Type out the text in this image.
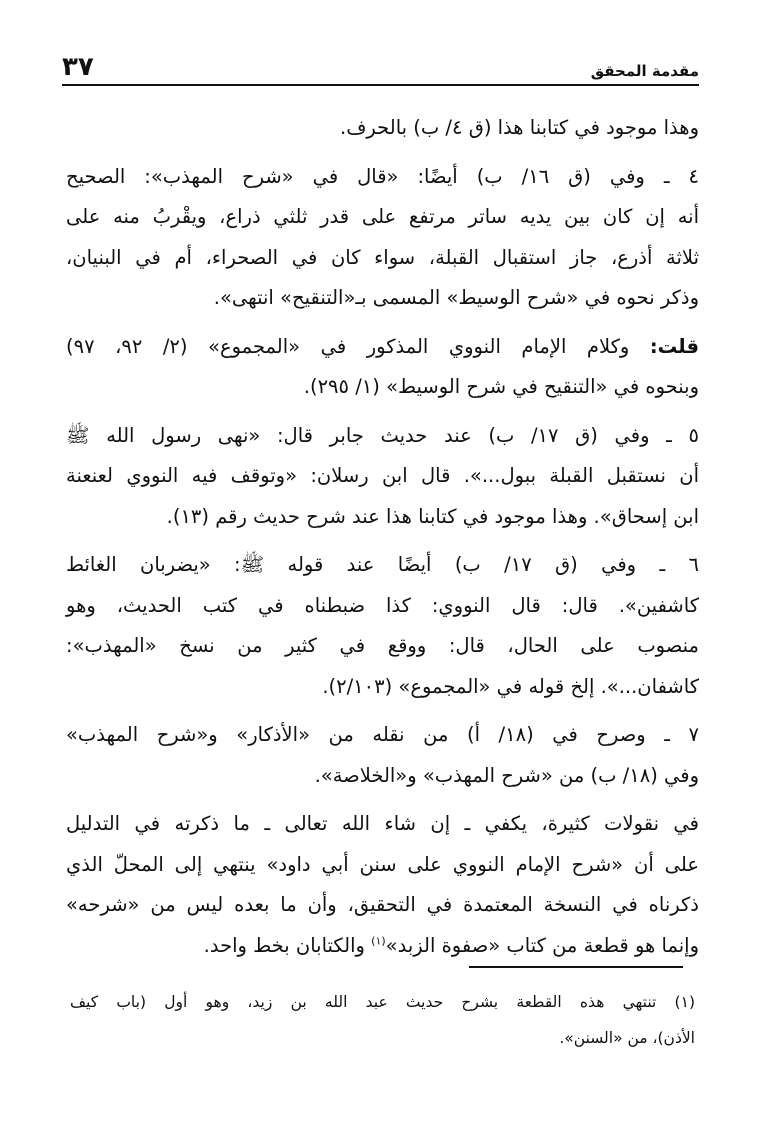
مقدمة المحقق
٣٧

وهذا موجود في كتابنا هذا (ق ٤/ ب) بالحرف.

٤ ـ وفي (ق ١٦/ ب) أيضًا: «قال في «شرح المهذب»: الصحيح
أنه إن كان بين يديه ساتر مرتفع على قدر ثلثي ذراع، ويقْربُ منه على
ثلاثة أذرع، جاز استقبال القبلة، سواء كان في الصحراء، أم في البنيان،
وذكر نحوه في «شرح الوسيط» المسمى بـ«التنقيح» انتهى».

قلت: وكلام الإمام النووي المذكور في «المجموع» (٢/ ٩٢، ٩٧)
وبنحوه في «التنقيح في شرح الوسيط» (١/ ٢٩٥).

٥ ـ وفي (ق ١٧/ ب) عند حديث جابر قال: «نهى رسول الله ﷺ
أن نستقبل القبلة ببول...». قال ابن رسلان: «وتوقف فيه النووي لعنعنة
ابن إسحاق». وهذا موجود في كتابنا هذا عند شرح حديث رقم (١٣).

٦ ـ وفي (ق ١٧/ ب) أيضًا عند قوله ﷺ: «يضربان الغائط
كاشفين». قال: قال النووي: كذا ضبطناه في كتب الحديث، وهو
منصوب على الحال، قال: ووقع في كثير من نسخ «المهذب»:
كاشفان...». إلخ قوله في «المجموع» (٢/١٠٣).

٧ ـ وصرح في (١٨/ أ) من نقله من «الأذكار» و«شرح المهذب»
وفي (١٨/ ب) من «شرح المهذب» و«الخلاصة».

في نقولات كثيرة، يكفي ـ إن شاء الله تعالى ـ ما ذكرته في التدليل
على أن «شرح الإمام النووي على سنن أبي داود» ينتهي إلى المحلّ الذي
ذكرناه في النسخة المعتمدة في التحقيق، وأن ما بعده ليس من «شرحه»
وإنما هو قطعة من كتاب «صفوة الزبد»$^{(١)}$ والكتابان بخط واحد.

(١) تنتهي هذه القطعة بشرح حديث عبد الله بن زيد، وهو أول (باب كيف
الأذن)، من «السنن».
